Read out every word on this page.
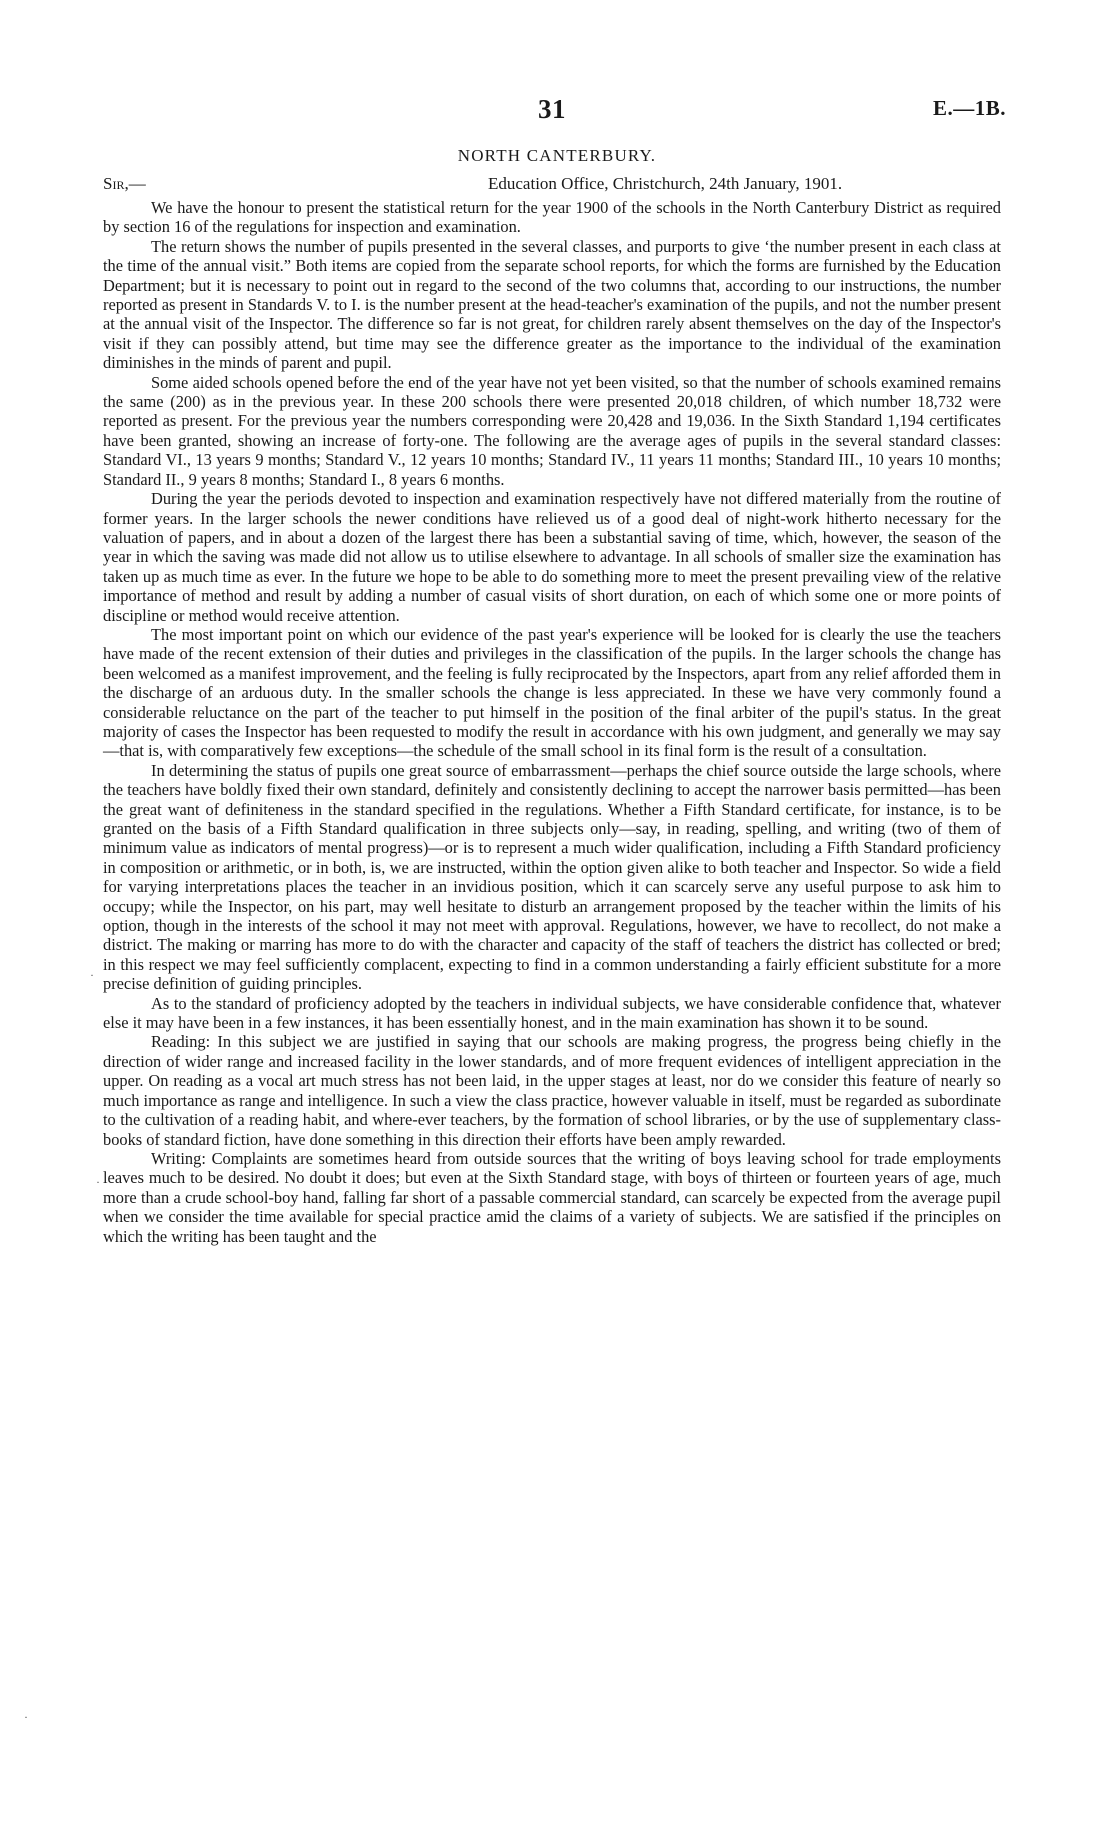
31	E.—1B.
NORTH CANTERBURY.
Sir,—	Education Office, Christchurch, 24th January, 1901.

We have the honour to present the statistical return for the year 1900 of the schools in the North Canterbury District as required by section 16 of the regulations for inspection and examination.

The return shows the number of pupils presented in the several classes, and purports to give ‘the number present in each class at the time of the annual visit.” Both items are copied from the separate school reports, for which the forms are furnished by the Education Department; but it is necessary to point out in regard to the second of the two columns that, according to our instructions, the number reported as present in Standards V. to I. is the number present at the head-teacher's examination of the pupils, and not the number present at the annual visit of the Inspector. The difference so far is not great, for children rarely absent themselves on the day of the Inspector's visit if they can possibly attend, but time may see the difference greater as the importance to the individual of the examination diminishes in the minds of parent and pupil.

Some aided schools opened before the end of the year have not yet been visited, so that the number of schools examined remains the same (200) as in the previous year. In these 200 schools there were presented 20,018 children, of which number 18,732 were reported as present. For the previous year the numbers corresponding were 20,428 and 19,036. In the Sixth Standard 1,194 certificates have been granted, showing an increase of forty-one. The following are the average ages of pupils in the several standard classes: Standard VI., 13 years 9 months; Standard V., 12 years 10 months; Standard IV., 11 years 11 months; Standard III., 10 years 10 months; Standard II., 9 years 8 months; Standard I., 8 years 6 months.

During the year the periods devoted to inspection and examination respectively have not differed materially from the routine of former years. In the larger schools the newer conditions have relieved us of a good deal of night-work hitherto necessary for the valuation of papers, and in about a dozen of the largest there has been a substantial saving of time, which, however, the season of the year in which the saving was made did not allow us to utilise elsewhere to advantage. In all schools of smaller size the examination has taken up as much time as ever. In the future we hope to be able to do something more to meet the present prevailing view of the relative importance of method and result by adding a number of casual visits of short duration, on each of which some one or more points of discipline or method would receive attention.

The most important point on which our evidence of the past year's experience will be looked for is clearly the use the teachers have made of the recent extension of their duties and privileges in the classification of the pupils. In the larger schools the change has been welcomed as a manifest improvement, and the feeling is fully reciprocated by the Inspectors, apart from any relief afforded them in the discharge of an arduous duty. In the smaller schools the change is less appreciated. In these we have very commonly found a considerable reluctance on the part of the teacher to put himself in the position of the final arbiter of the pupil's status. In the great majority of cases the Inspector has been requested to modify the result in accordance with his own judgment, and generally we may say—that is, with comparatively few exceptions—the schedule of the small school in its final form is the result of a consultation.

In determining the status of pupils one great source of embarrassment—perhaps the chief source outside the large schools, where the teachers have boldly fixed their own standard, definitely and consistently declining to accept the narrower basis permitted—has been the great want of definiteness in the standard specified in the regulations. Whether a Fifth Standard certificate, for instance, is to be granted on the basis of a Fifth Standard qualification in three subjects only—say, in reading, spelling, and writing (two of them of minimum value as indicators of mental progress)—or is to represent a much wider qualification, including a Fifth Standard proficiency in composition or arithmetic, or in both, is, we are instructed, within the option given alike to both teacher and Inspector. So wide a field for varying interpretations places the teacher in an invidious position, which it can scarcely serve any useful purpose to ask him to occupy; while the Inspector, on his part, may well hesitate to disturb an arrangement proposed by the teacher within the limits of his option, though in the interests of the school it may not meet with approval. Regulations, however, we have to recollect, do not make a district. The making or marring has more to do with the character and capacity of the staff of teachers the district has collected or bred; in this respect we may feel sufficiently complacent, expecting to find in a common understanding a fairly efficient substitute for a more precise definition of guiding principles.

As to the standard of proficiency adopted by the teachers in individual subjects, we have considerable confidence that, whatever else it may have been in a few instances, it has been essentially honest, and in the main examination has shown it to be sound.

Reading: In this subject we are justified in saying that our schools are making progress, the progress being chiefly in the direction of wider range and increased facility in the lower standards, and of more frequent evidences of intelligent appreciation in the upper. On reading as a vocal art much stress has not been laid, in the upper stages at least, nor do we consider this feature of nearly so much importance as range and intelligence. In such a view the class practice, however valuable in itself, must be regarded as subordinate to the cultivation of a reading habit, and where-ever teachers, by the formation of school libraries, or by the use of supplementary class-books of standard fiction, have done something in this direction their efforts have been amply rewarded.

Writing: Complaints are sometimes heard from outside sources that the writing of boys leaving school for trade employments leaves much to be desired. No doubt it does; but even at the Sixth Standard stage, with boys of thirteen or fourteen years of age, much more than a crude school-boy hand, falling far short of a passable commercial standard, can scarcely be expected from the average pupil when we consider the time available for special practice amid the claims of a variety of subjects. We are satisfied if the principles on which the writing has been taught and the

·
·
·
